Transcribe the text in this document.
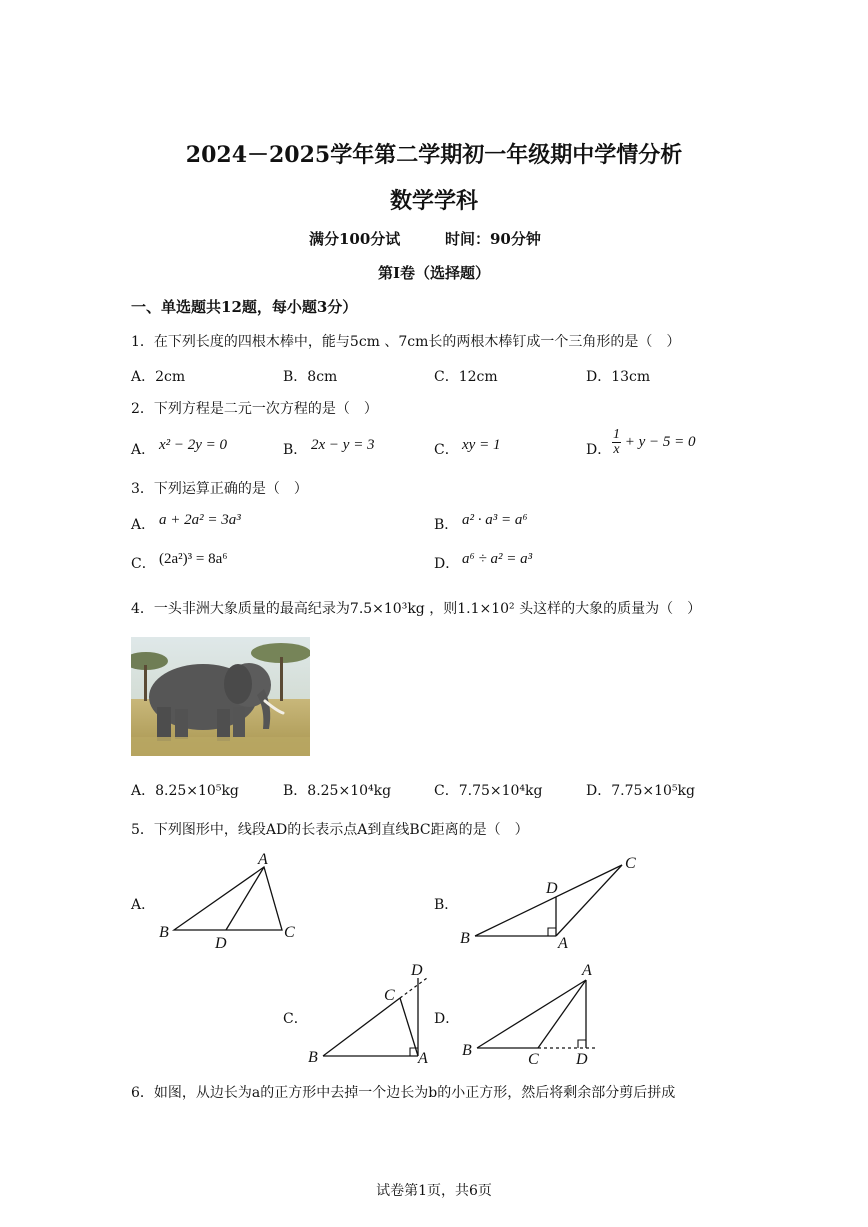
2024－2025学年第二学期初一年级期中学情分析
数学学科
满分100分试	时间：90分钟
第Ⅰ卷（选择题）
一、单选题共12题，每小题3分）
1．在下列长度的四根木棒中，能与5cm 、7cm长的两根木棒钉成一个三角形的是（　）
A．2cm	B．8cm	C．12cm	D．13cm
2．下列方程是二元一次方程的是（　）
A． x² − 2y = 0	B． 2x − y = 3	C． xy = 1	D． $\frac{1}{x} + y - 5 = 0$
3．下列运算正确的是（　）
A． a + 2a² = 3a³	B． a² · a³ = a⁶
C． (2a²)³ = 8a⁶	D． a⁶ ÷ a² = a³
4．一头非洲大象质量的最高纪录为7.5×10³kg ，则1.1×10² 头这样的大象的质量为（　）
A．8.25×10⁵kg	B．8.25×10⁴kg	C．7.75×10⁴kg	D．7.75×10⁵kg
5．下列图形中，线段AD的长表示点A到直线BC距离的是（　）
A．
A
B	C
D
B．
A
B
C
D
C．
A
B
C
D
D．
A
B
C D
6．如图，从边长为a的正方形中去掉一个边长为b的小正方形，然后将剩余部分剪后拼成
试卷第1页，共6页
